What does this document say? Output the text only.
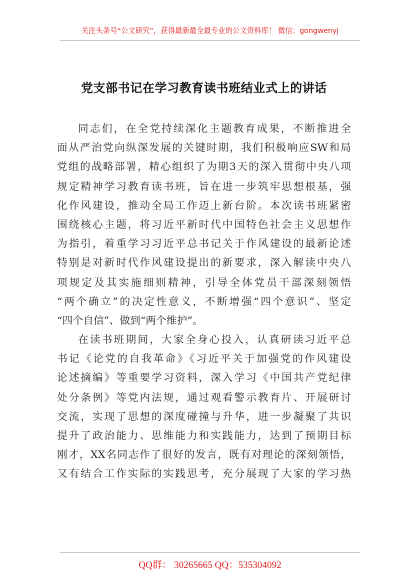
关注头条号“公文研究”，获得最新最全最专业的公文资料库！ 微信：gongwenyj
党支部书记在学习教育读书班结业式上的讲话
同志们，在全党持续深化主题教育成果，不断推进全
面从严治党向纵深发展的关键时期，我们积极响应SW和局
党组的战略部署，精心组织了为期3天的深入贯彻中央八项
规定精神学习教育读书班，旨在进一步筑牢思想根基，强
化作风建设，推动全局工作迈上新台阶。本次读书班紧密
围绕核心主题，将习近平新时代中国特色社会主义思想作
为指引，着重学习习近平总书记关于作风建设的最新论述
特别是对新时代作风建设提出的新要求，深入解读中央八
项规定及其实施细则精神，引导全体党员干部深刻领悟
“两个确立”的决定性意义，不断增强“四个意识”、坚定
“四个自信”、做到“两个维护”。
在读书班期间，大家全身心投入，认真研读习近平总
书记《论党的自我革命》《习近平关于加强党的作风建设
论述摘编》等重要学习资料，深入学习《中国共产党纪律
处分条例》等党内法规，通过观看警示教育片、开展研讨
交流，实现了思想的深度碰撞与升华，进一步凝聚了共识
提升了政治能力、思维能力和实践能力，达到了预期目标
刚才，XX名同志作了很好的发言，既有对理论的深刻领悟，
又有结合工作实际的实践思考，充分展现了大家的学习热
QQ群： 30265665 QQ：535304092
